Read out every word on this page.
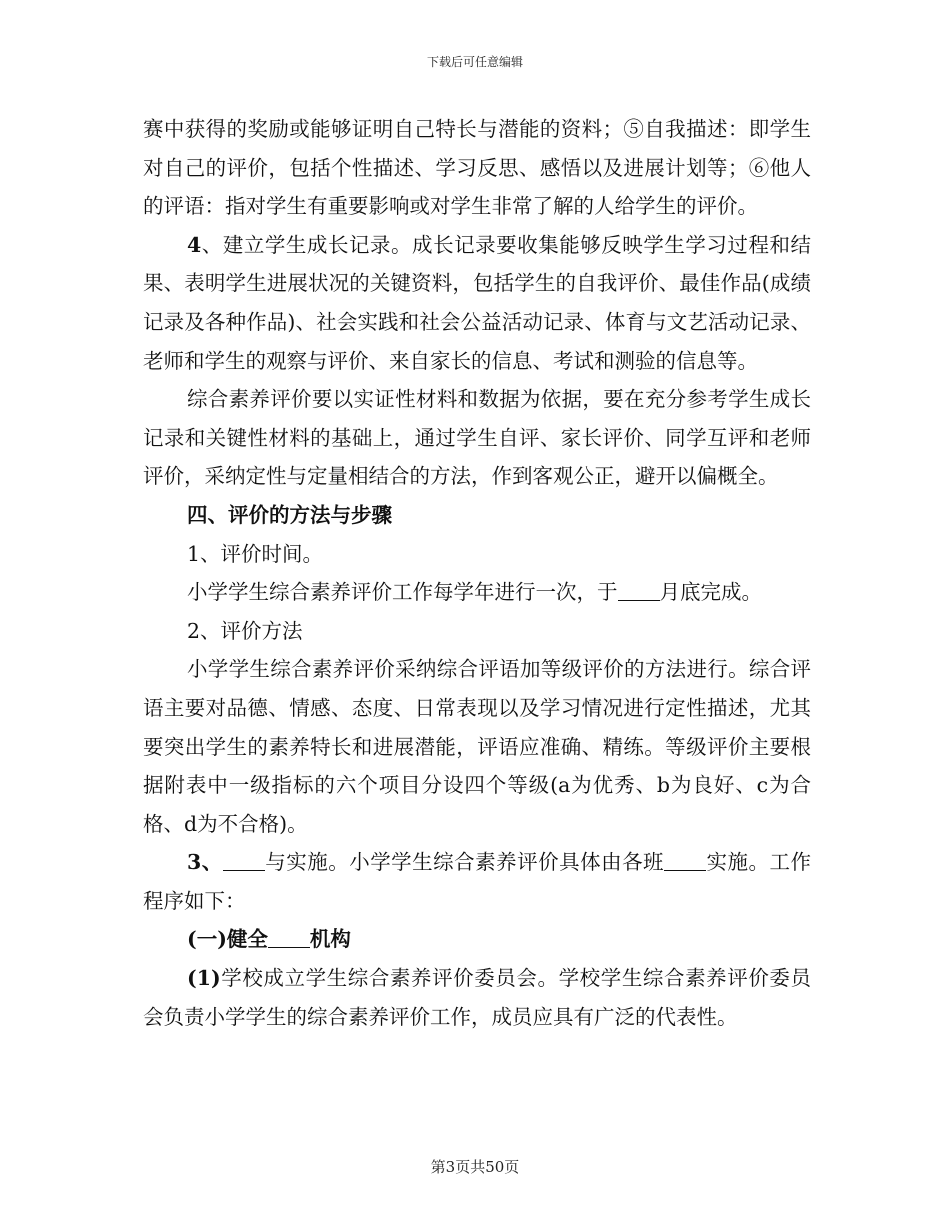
下载后可任意编辑

赛中获得的奖励或能够证明自己特长与潜能的资料；⑤自我描述：即学生对自己的评价，包括个性描述、学习反思、感悟以及进展计划等；⑥他人的评语：指对学生有重要影响或对学生非常了解的人给学生的评价。

4、建立学生成长记录。成长记录要收集能够反映学生学习过程和结果、表明学生进展状况的关键资料，包括学生的自我评价、最佳作品(成绩记录及各种作品)、社会实践和社会公益活动记录、体育与文艺活动记录、老师和学生的观察与评价、来自家长的信息、考试和测验的信息等。

综合素养评价要以实证性材料和数据为依据，要在充分参考学生成长记录和关键性材料的基础上，通过学生自评、家长评价、同学互评和老师评价，采纳定性与定量相结合的方法，作到客观公正，避开以偏概全。

四、评价的方法与步骤

1、评价时间。

小学学生综合素养评价工作每学年进行一次，于 月底完成。

2、评价方法

小学学生综合素养评价采纳综合评语加等级评价的方法进行。综合评语主要对品德、情感、态度、日常表现以及学习情况进行定性描述，尤其要突出学生的素养特长和进展潜能，评语应准确、精练。等级评价主要根据附表中一级指标的六个项目分设四个等级(a为优秀、b为良好、c为合格、d为不合格)。

3、 与实施。小学学生综合素养评价具体由各班 实施。工作程序如下：

(一)健全 机构

(1)学校成立学生综合素养评价委员会。学校学生综合素养评价委员会负责小学学生的综合素养评价工作，成员应具有广泛的代表性。

第3页共50页
